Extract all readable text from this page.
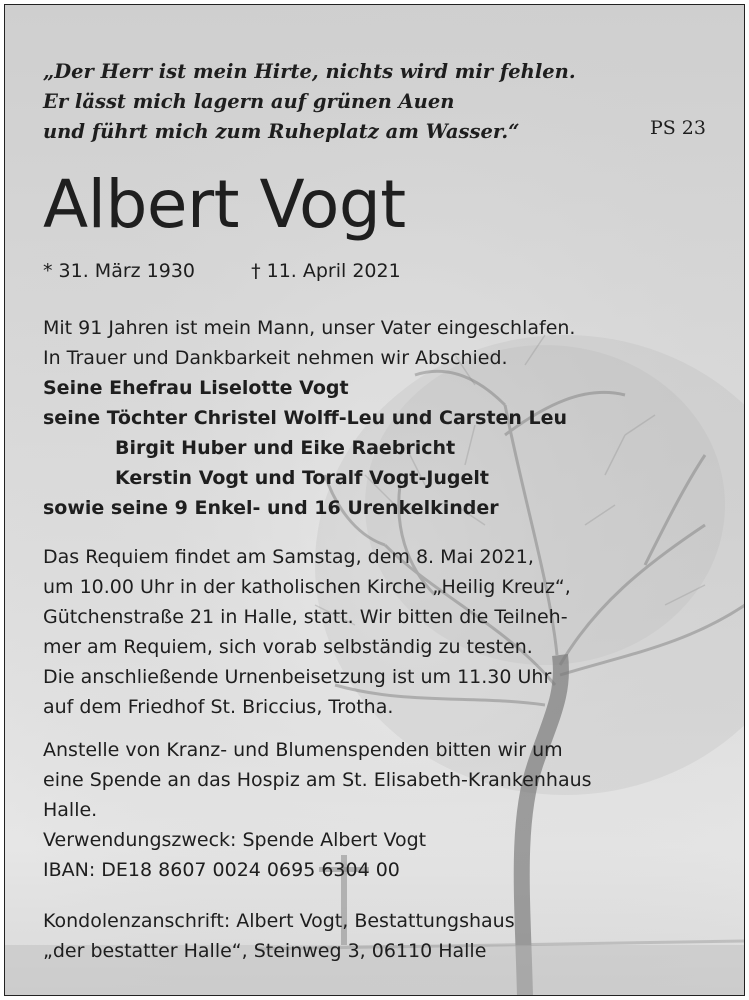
„Der Herr ist mein Hirte, nichts wird mir fehlen.
Er lässt mich lagern auf grünen Auen
und führt mich zum Ruheplatz am Wasser.“	PS 23
Albert Vogt
* 31. März 1930	† 11. April 2021
Mit 91 Jahren ist mein Mann, unser Vater eingeschlafen.
In Trauer und Dankbarkeit nehmen wir Abschied.
Seine Ehefrau Liselotte Vogt
seine Töchter Christel Wolff-Leu und Carsten Leu
Birgit Huber und Eike Raebricht
Kerstin Vogt und Toralf Vogt-Jugelt
sowie seine 9 Enkel- und 16 Urenkelkinder
Das Requiem findet am Samstag, dem 8. Mai 2021,
um 10.00 Uhr in der katholischen Kirche „Heilig Kreuz“,
Gütchenstraße 21 in Halle, statt. Wir bitten die Teilneh-
mer am Requiem, sich vorab selbständig zu testen.
Die anschließende Urnenbeisetzung ist um 11.30 Uhr
auf dem Friedhof St. Briccius, Trotha.
Anstelle von Kranz- und Blumenspenden bitten wir um
eine Spende an das Hospiz am St. Elisabeth-Krankenhaus
Halle.
Verwendungszweck: Spende Albert Vogt
IBAN: DE18 8607 0024 0695 6304 00
Kondolenzanschrift: Albert Vogt, Bestattungshaus
„der bestatter Halle“, Steinweg 3, 06110 Halle
